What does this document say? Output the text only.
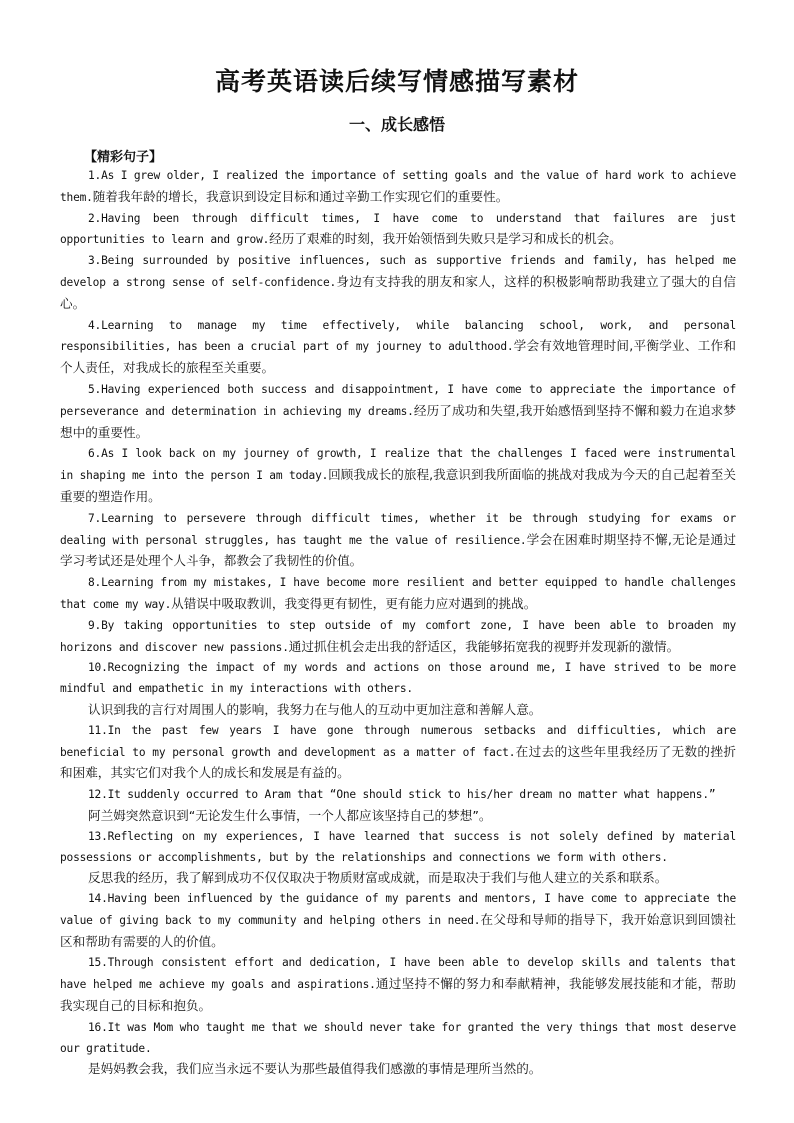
高考英语读后续写情感描写素材
一、成长感悟
【精彩句子】

1.As I grew older, I realized the importance of setting goals and the value of hard work to achieve them.随着我年龄的增长，我意识到设定目标和通过辛勤工作实现它们的重要性。

2.Having been through difficult times, I have come to understand that failures are just opportunities to learn and grow.经历了艰难的时刻，我开始领悟到失败只是学习和成长的机会。

3.Being surrounded by positive influences, such as supportive friends and family, has helped me develop a strong sense of self-confidence.身边有支持我的朋友和家人，这样的积极影响帮助我建立了强大的自信心。

4.Learning to manage my time effectively, while balancing school, work, and personal responsibilities, has been a crucial part of my journey to adulthood.学会有效地管理时间,平衡学业、工作和个人责任，对我成长的旅程至关重要。

5.Having experienced both success and disappointment, I have come to appreciate the importance of perseverance and determination in achieving my dreams.经历了成功和失望,我开始感悟到坚持不懈和毅力在追求梦想中的重要性。

6.As I look back on my journey of growth, I realize that the challenges I faced were instrumental in shaping me into the person I am today.回顾我成长的旅程,我意识到我所面临的挑战对我成为今天的自己起着至关重要的塑造作用。

7.Learning to persevere through difficult times, whether it be through studying for exams or dealing with personal struggles, has taught me the value of resilience.学会在困难时期坚持不懈,无论是通过学习考试还是处理个人斗争，都教会了我韧性的价值。

8.Learning from my mistakes, I have become more resilient and better equipped to handle challenges that come my way.从错误中吸取教训，我变得更有韧性，更有能力应对遇到的挑战。

9.By taking opportunities to step outside of my comfort zone, I have been able to broaden my horizons and discover new passions.通过抓住机会走出我的舒适区，我能够拓宽我的视野并发现新的激情。

10.Recognizing the impact of my words and actions on those around me, I have strived to be more mindful and empathetic in my interactions with others.
认识到我的言行对周围人的影响，我努力在与他人的互动中更加注意和善解人意。

11.In the past few years I have gone through numerous setbacks and difficulties, which are beneficial to my personal growth and development as a matter of fact.在过去的这些年里我经历了无数的挫折和困难，其实它们对我个人的成长和发展是有益的。

12.It suddenly occurred to Aram that “One should stick to his/her dream no matter what happens.”
阿兰姆突然意识到“无论发生什么事情，一个人都应该坚持自己的梦想”。

13.Reflecting on my experiences, I have learned that success is not solely defined by material possessions or accomplishments, but by the relationships and connections we form with others.
反思我的经历，我了解到成功不仅仅取决于物质财富或成就，而是取决于我们与他人建立的关系和联系。

14.Having been influenced by the guidance of my parents and mentors, I have come to appreciate the value of giving back to my community and helping others in need.在父母和导师的指导下，我开始意识到回馈社区和帮助有需要的人的价值。

15.Through consistent effort and dedication, I have been able to develop skills and talents that have helped me achieve my goals and aspirations.通过坚持不懈的努力和奉献精神，我能够发展技能和才能，帮助我实现自己的目标和抱负。

16.It was Mom who taught me that we should never take for granted the very things that most deserve our gratitude.
是妈妈教会我，我们应当永远不要认为那些最值得我们感激的事情是理所当然的。
